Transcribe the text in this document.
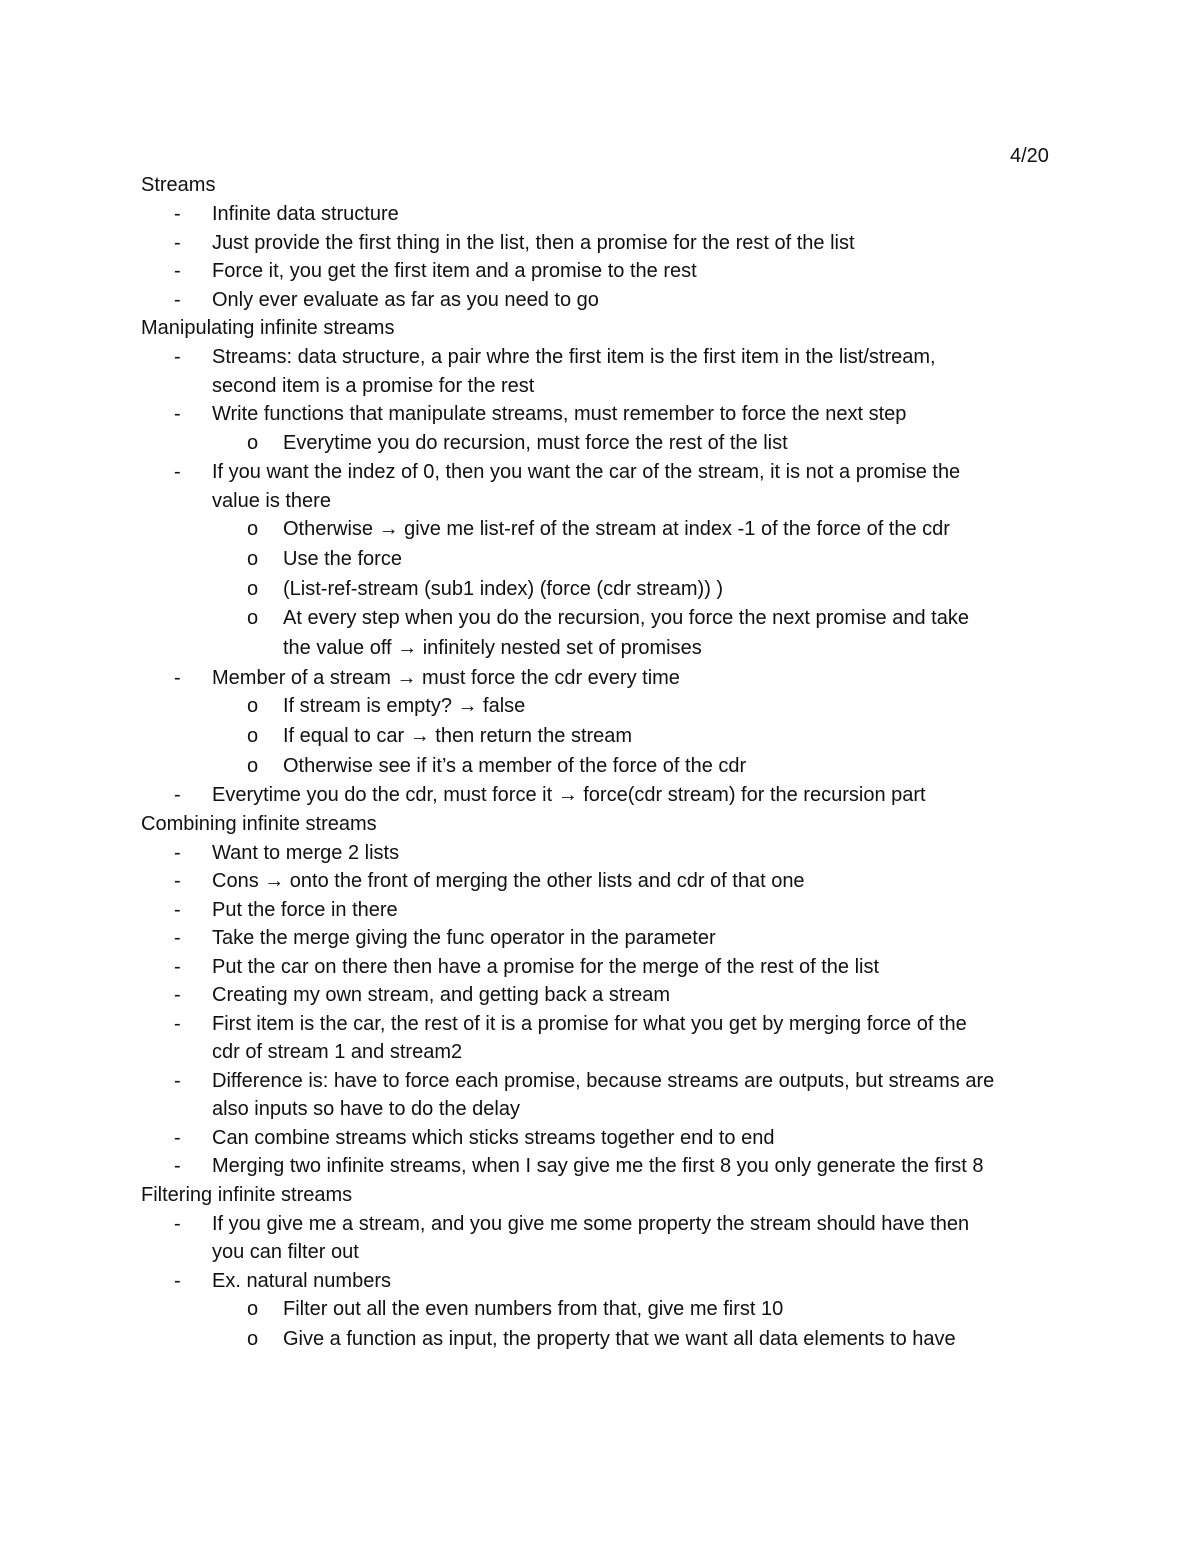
4/20
Streams
- Infinite data structure
- Just provide the first thing in the list, then a promise for the rest of the list
- Force it, you get the first item and a promise to the rest
- Only ever evaluate as far as you need to go
Manipulating infinite streams
- Streams: data structure, a pair whre the first item is the first item in the list/stream,
second item is a promise for the rest
- Write functions that manipulate streams, must remember to force the next step
o Everytime you do recursion, must force the rest of the list
- If you want the indez of 0, then you want the car of the stream, it is not a promise the
value is there
o Otherwise → give me list-ref of the stream at index -1 of the force of the cdr
o Use the force
o (List-ref-stream (sub1 index) (force (cdr stream)) )
o At every step when you do the recursion, you force the next promise and take
the value off → infinitely nested set of promises
- Member of a stream → must force the cdr every time
o If stream is empty? → false
o If equal to car → then return the stream
o Otherwise see if it’s a member of the force of the cdr
- Everytime you do the cdr, must force it → force(cdr stream) for the recursion part
Combining infinite streams
- Want to merge 2 lists
- Cons → onto the front of merging the other lists and cdr of that one
- Put the force in there
- Take the merge giving the func operator in the parameter
- Put the car on there then have a promise for the merge of the rest of the list
- Creating my own stream, and getting back a stream
- First item is the car, the rest of it is a promise for what you get by merging force of the
cdr of stream 1 and stream2
- Difference is: have to force each promise, because streams are outputs, but streams are
also inputs so have to do the delay
- Can combine streams which sticks streams together end to end
- Merging two infinite streams, when I say give me the first 8 you only generate the first 8
Filtering infinite streams
- If you give me a stream, and you give me some property the stream should have then
you can filter out
- Ex. natural numbers
o Filter out all the even numbers from that, give me first 10
o Give a function as input, the property that we want all data elements to have
